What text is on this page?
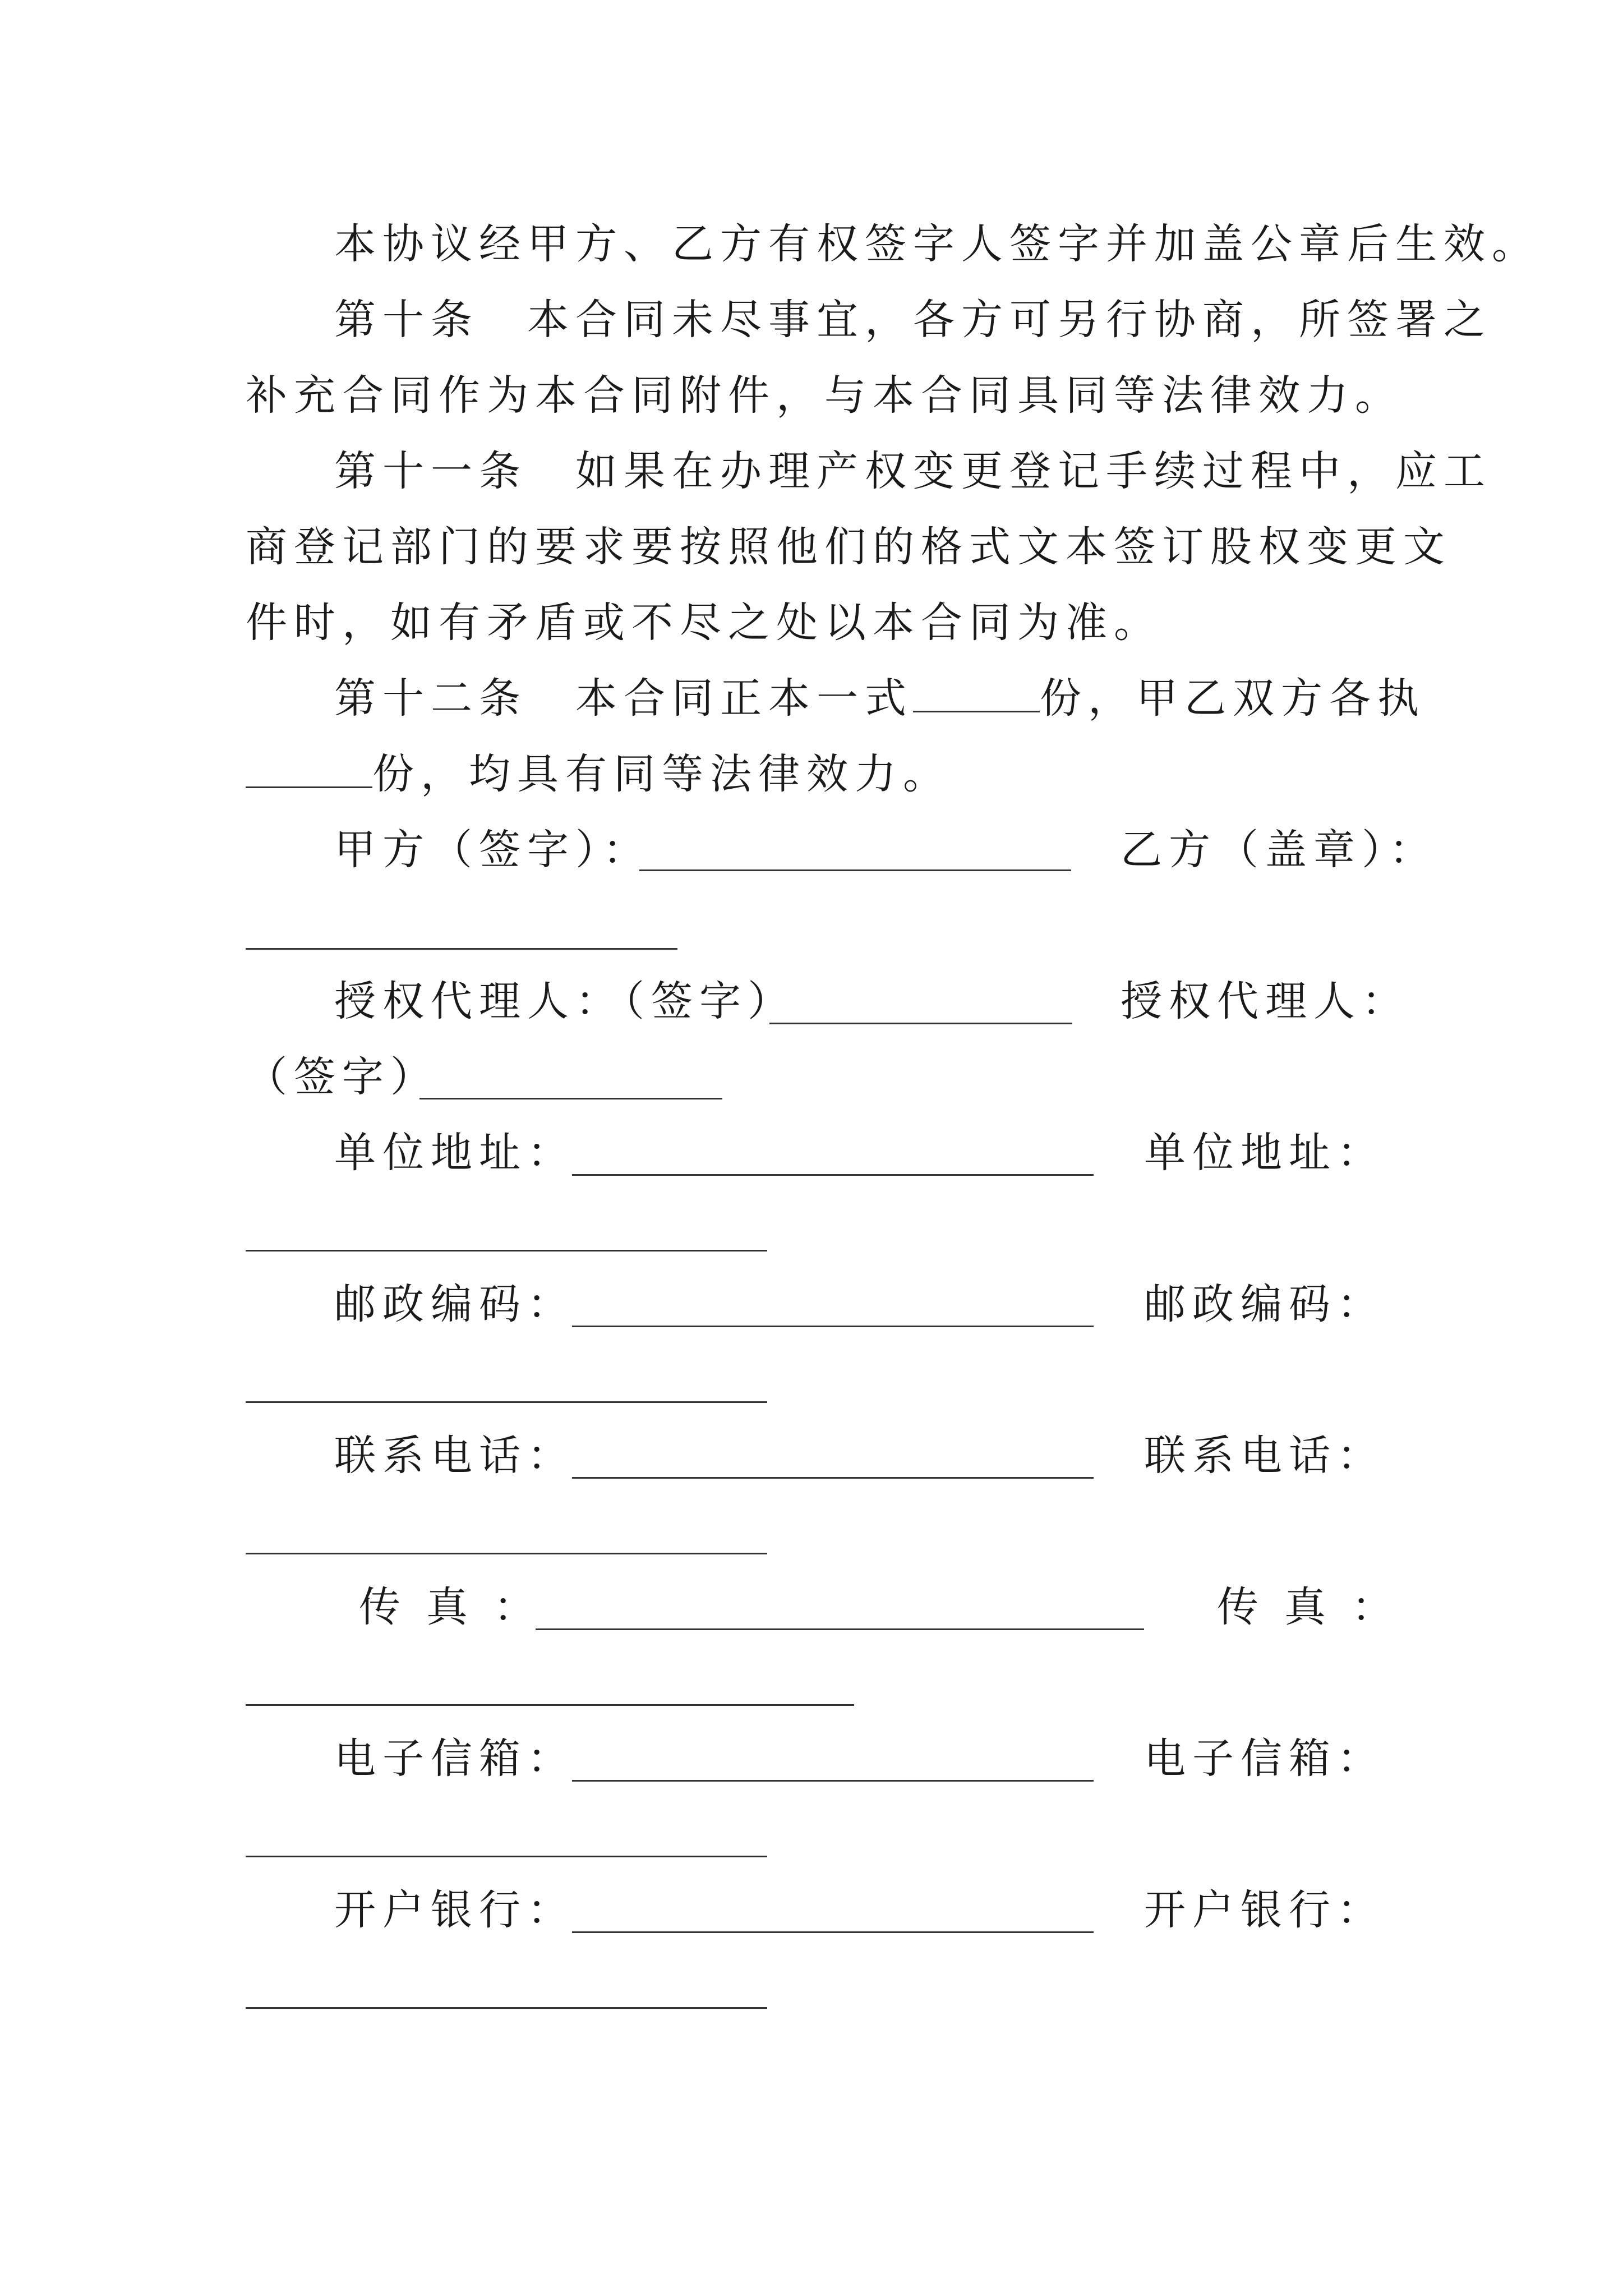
本协议经甲方、乙方有权签字人签字并加盖公章后生效。
第十条　本合同未尽事宜，各方可另行协商，所签署之
补充合同作为本合同附件，与本合同具同等法律效力。
第十一条　如果在办理产权变更登记手续过程中，应工
商登记部门的要求要按照他们的格式文本签订股权变更文
件时，如有矛盾或不尽之处以本合同为准。
第十二条　本合同正本一式	份，甲乙双方各执
份，均具有同等法律效力。
甲方（签字）：	乙方（盖章）：
授权代理人：（签字）	授权代理人：
（签字）
单位地址：	单位地址：
邮政编码：	邮政编码：
联系电话：	联系电话：
传真：	传真：
电子信箱：	电子信箱：
开户银行：	开户银行：
